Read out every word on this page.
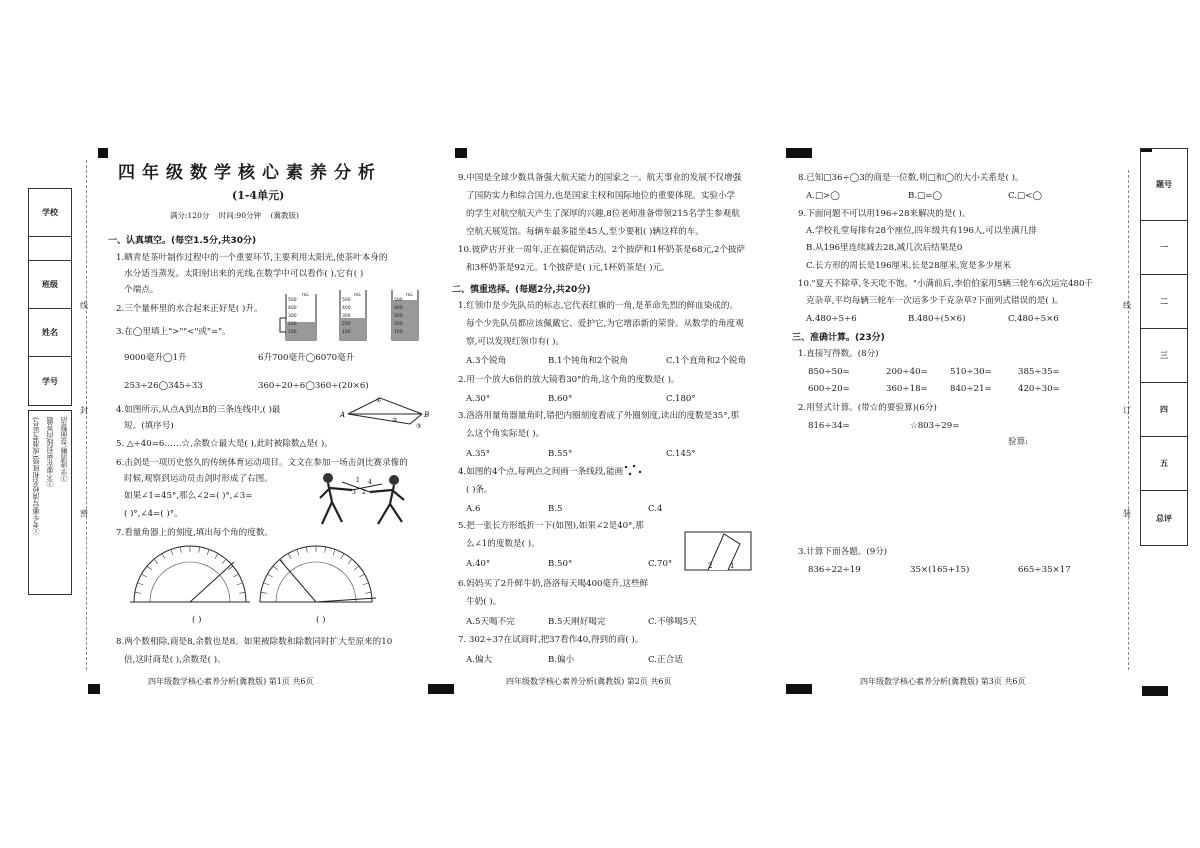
学校
班级
姓名
学号
①考生要写清校名和班级(或准考证号) ②不要在密封线内答题 ③字迹清晰,卷面整洁
线
封
密
四年级数学核心素养分析
(1-4单元)
满分:120分 时间:90分钟 (冀教版)
一、认真填空。(每空1.5分,共30分)
1.晒青是茶叶制作过程中的一个重要环节,主要利用太阳光,使茶叶本身的
水分适当蒸发。太阳射出来的光线,在数学中可以看作( ),它有( )
个端点。
2.三个量杯里的水合起来正好是( )升。
3.在◯里填上">""<"或"="。
9000毫升◯1升	6升700毫升◯6070毫升
253÷26◯345÷33	360÷20÷6◯360÷(20×6)
4.如图所示,从点A到点B的三条连线中,( )最
短。(填序号)
5. △÷40=6……☆,余数☆最大是( ),此时被除数△是( )。
6.击剑是一项历史悠久的传统体育运动项目。文文在参加一场击剑比赛录像的
时候,观察到运动员击剑时形成了右图。
如果∠1=45°,那么∠2=( )°,∠3=
( )°,∠4=( )°。
7.看量角器上的刻度,填出每个角的度数。
( )	( )
8.两个数相除,商是8,余数也是8。如果被除数和除数同时扩大至原来的10
倍,这时商是( ),余数是( )。
mL
500
400
300
200
100
mL
500
400
300
200
100
mL
500
400
300
200
100
A	B
①
②
③
1
2
3
4
四年级数学核心素养分析(冀教版) 第1页 共6页
9.中国是全球少数具备强大航天能力的国家之一。航天事业的发展不仅增强
了国防实力和综合国力,也是国家主权和国际地位的重要体现。实验小学
的学生对航空航天产生了深厚的兴趣,8位老师准备带领215名学生参观航
空航天展览馆。每辆车最多能坐45人,至少要租( )辆这样的车。
10.彼萨店开业一周年,正在搞促销活动。2个披萨和1杯奶茶是68元,2个披萨
和3杯奶茶是92元。1个披萨是( )元,1杯奶茶是( )元。
二、慎重选择。(每题2分,共20分)
1.红领巾是少先队员的标志,它代表红旗的一角,是革命先烈的鲜血染成的。
每个少先队员都应该佩戴它、爱护它,为它增添新的荣誉。从数学的角度观
察,可以发现红领巾有( )。
A.3个锐角	B.1个钝角和2个锐角	C.1个直角和2个锐角
2.用一个放大6倍的放大镜看30°的角,这个角的度数是( )。
A.30°	B.60°	C.180°
3.洛洛用量角器量角时,错把内圈刻度看成了外圈刻度,读出的度数是35°,那
么这个角实际是( )。
A.35°	B.55°	C.145°
4.如图的4个点,每两点之间画一条线段,能画
( )条。
A.6	B.5	C.4
5.把一张长方形纸折一下(如图),如果∠2是40°,那
么∠1的度数是( )。
A.40°	B.50°	C.70°
6.妈妈买了2升鲜牛奶,洛洛每天喝400毫升,这些鲜
牛奶( )。
A.5天喝不完	B.5天刚好喝完	C.不够喝5天
7. 302÷37在试商时,把37看作40,得到的商( )。
A.偏大	B.偏小	C.正合适
2	1
四年级数学核心素养分析(冀教版) 第2页 共6页
8.已知□36÷◯3的商是一位数,则□和◯的大小关系是( )。
A.□>◯	B.□=◯	C.□<◯
9.下面问题不可以用196÷28来解决的是( )。
A.学校礼堂每排有28个座位,四年级共有196人,可以坐满几排
B.从196里连续减去28,减几次后结果是0
C.长方形的周长是196厘米,长是28厘米,宽是多少厘米
10."夏天不除草,冬天吃不饱。"小满前后,李伯伯家用5辆三轮车6次运完480千
克杂草,平均每辆三轮车一次运多少千克杂草?下面列式错误的是( )。
A.480÷5÷6	B.480÷(5×6)	C.480÷5×6
三、准确计算。(23分)
1.直接写得数。(8分)
850÷50=	200÷40=	510÷30=	385÷35=
600÷20=	360÷18=	840÷21=	420÷30=
2.用竖式计算。(带☆的要验算)(6分)
816÷34=	☆803÷29=
验算:
3.计算下面各题。(9分)
836÷22÷19	35×(165+15)	665÷35×17
四年级数学核心素养分析(冀教版) 第3页 共6页
线
订
装
题号
一
二
三
四
五
总评
